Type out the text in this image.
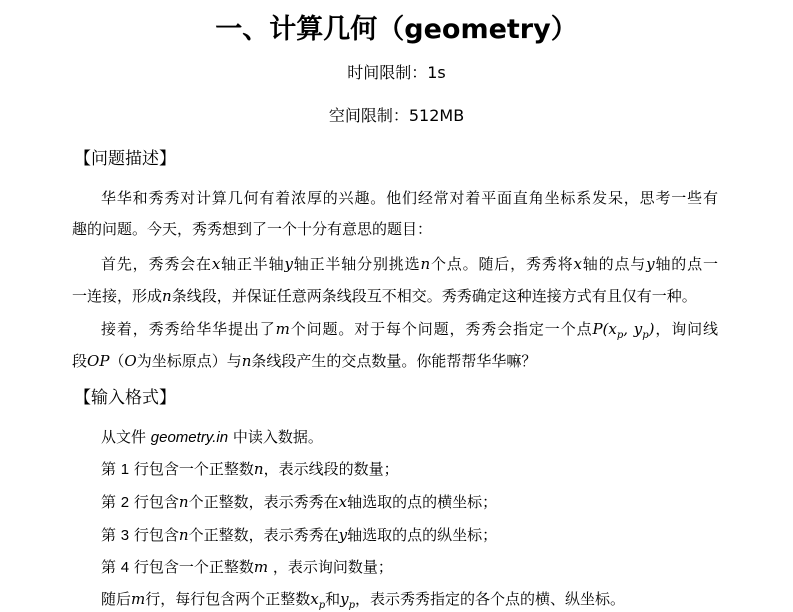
一、计算几何（geometry）
时间限制：1s
空间限制：512MB
【问题描述】
华华和秀秀对计算几何有着浓厚的兴趣。他们经常对着平面直角坐标系发呆，思考一些有
趣的问题。今天，秀秀想到了一个十分有意思的题目：
首先，秀秀会在x轴正半轴y轴正半轴分别挑选n个点。随后，秀秀将x轴的点与y轴的点一
一连接，形成n条线段，并保证任意两条线段互不相交。秀秀确定这种连接方式有且仅有一种。
接着，秀秀给华华提出了m个问题。对于每个问题，秀秀会指定一个点$P(x_p$, $y_p$)，询问线
段OP（O为坐标原点）与n条线段产生的交点数量。你能帮帮华华嘛？
【输入格式】
从文件 geometry.in 中读入数据。
第 1 行包含一个正整数n，表示线段的数量；
第 2 行包含n个正整数，表示秀秀在x轴选取的点的横坐标；
第 3 行包含n个正整数，表示秀秀在y轴选取的点的纵坐标；
第 4 行包含一个正整数m ，表示询问数量；
随后m行，每行包含两个正整数$x_p$和$y_p$，表示秀秀指定的各个点的横、纵坐标。
